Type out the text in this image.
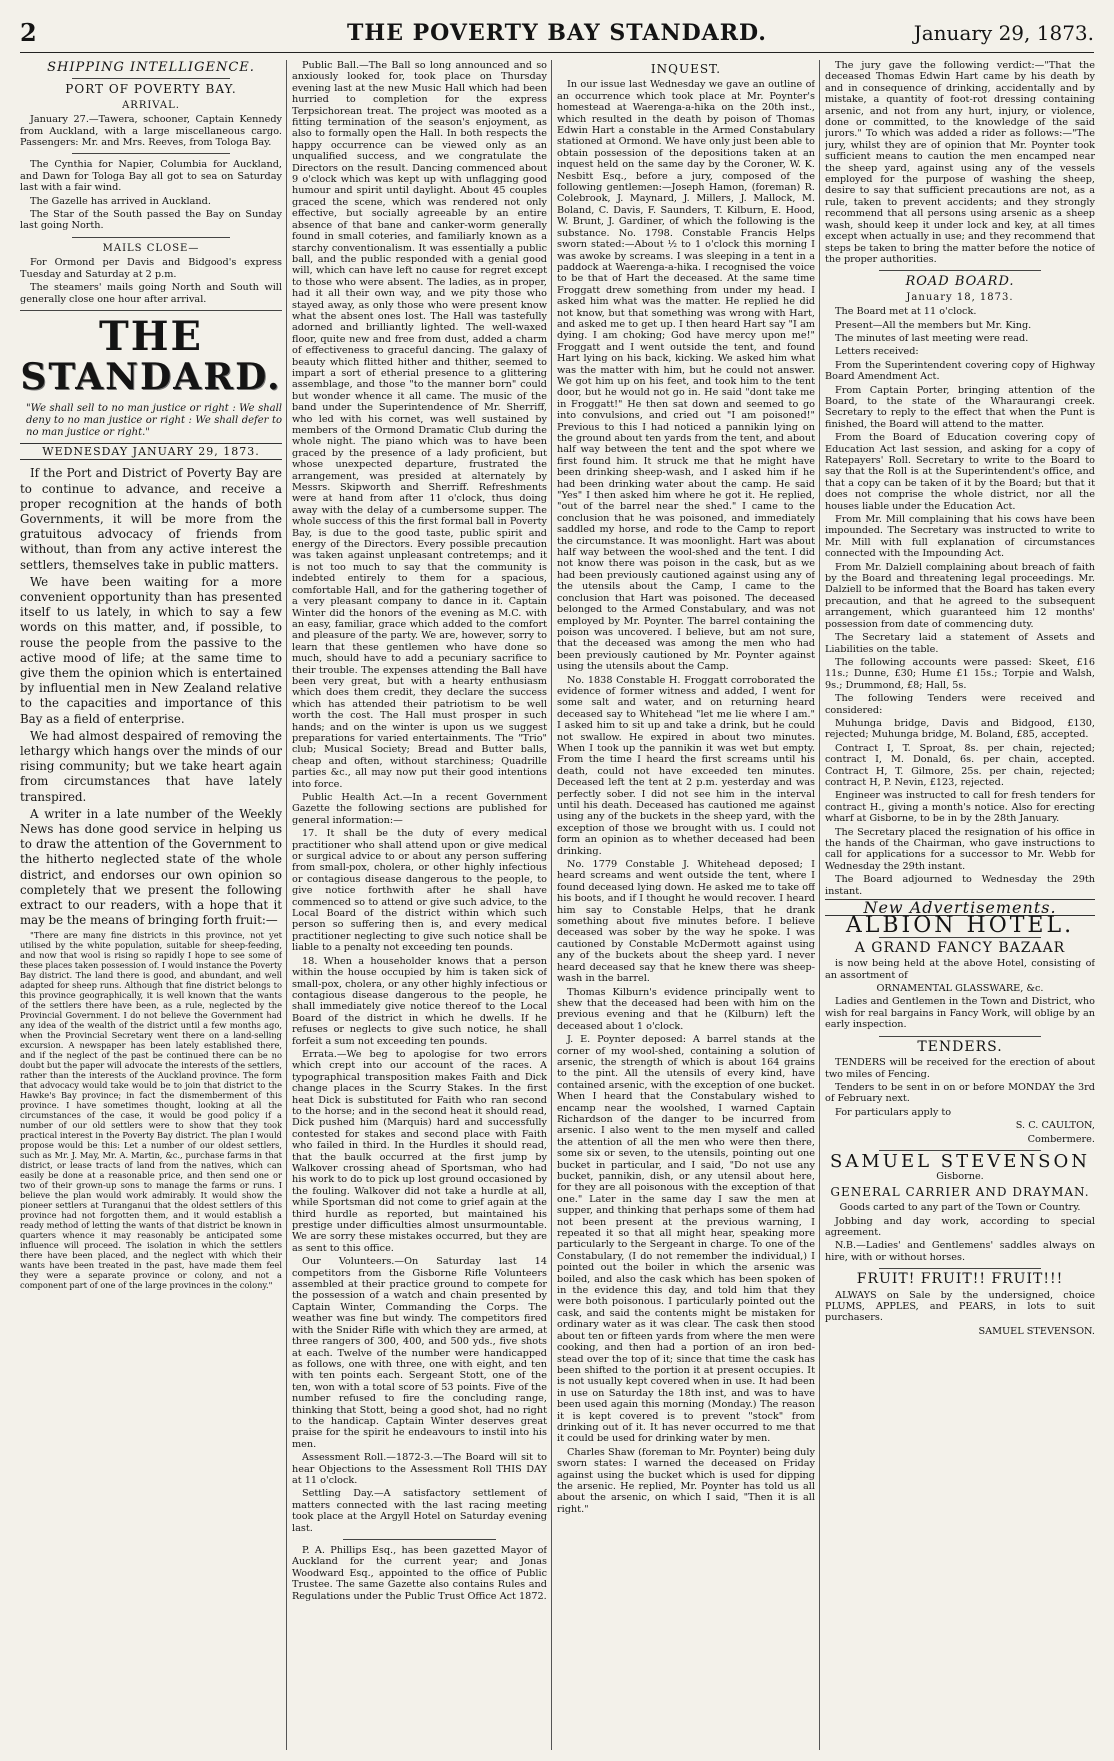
2	THE POVERTY BAY STANDARD.	January 29, 1873.
SHIPPING INTELLIGENCE.
PORT OF POVERTY BAY.
ARRIVAL.

January 27.—Tawera, schooner, Captain Kennedy from Auckland, with a large miscellaneous cargo. Passengers: Mr. and Mrs. Reeves, from Tologa Bay.

The Cynthia for Napier, Columbia for Auckland, and Dawn for Tologa Bay all got to sea on Saturday last with a fair wind.

The Gazelle has arrived in Auckland.

The Star of the South passed the Bay on Sunday last going North.

MAILS CLOSE—

For Ormond per Davis and Bidgood's express Tuesday and Saturday at 2 p.m.

The steamers' mails going North and South will generally close one hour after arrival.

THE
STANDARD.
"We shall sell to no man justice or right : We shall deny to no man justice or right : We shall defer to no man justice or right."
WEDNESDAY JANUARY 29, 1873.

If the Port and District of Poverty Bay are to continue to advance, and receive a proper recognition at the hands of both Governments, it will be more from the gratuitous advocacy of friends from without, than from any active interest the settlers, themselves take in public matters.

We have been waiting for a more convenient opportunity than has presented itself to us lately, in which to say a few words on this matter, and, if possible, to rouse the people from the passive to the active mood of life; at the same time to give them the opinion which is entertained by influential men in New Zealand relative to the capacities and importance of this Bay as a field of enterprise.

We had almost despaired of removing the lethargy which hangs over the minds of our rising community; but we take heart again from circumstances that have lately transpired.

A writer in a late number of the Weekly News has done good service in helping us to draw the attention of the Government to the hitherto neglected state of the whole district, and endorses our own opinion so completely that we present the following extract to our readers, with a hope that it may be the means of bringing forth fruit:—

"There are many fine districts in this province, not yet utilised by the white population, suitable for sheep-feeding, and now that wool is rising so rapidly I hope to see some of these places taken possession of. I would instance the Poverty Bay district. The land there is good, and abundant, and well adapted for sheep runs. Although that fine district belongs to this province geographically, it is well known that the wants of the settlers there have been, as a rule, neglected by the Provincial Government. I do not believe the Government had any idea of the wealth of the district until a few months ago, when the Provincial Secretary went there on a land-selling excursion. A newspaper has been lately established there, and if the neglect of the past be continued there can be no doubt but the paper will advocate the interests of the settlers, rather than the interests of the Auckland province. The form that advocacy would take would be to join that district to the Hawke's Bay province; in fact the dismemberment of this province. I have sometimes thought, looking at all the circumstances of the case, it would be good policy if a number of our old settlers were to show that they took practical interest in the Poverty Bay district. The plan I would propose would be this: Let a number of our oldest settlers, such as Mr. J. May, Mr. A. Martin, &c., purchase farms in that district, or lease tracts of land from the natives, which can easily be done at a reasonable price, and then send one or two of their grown-up sons to manage the farms or runs. I believe the plan would work admirably. It would show the pioneer settlers at Turanganui that the oldest settlers of this province had not forgotten them, and it would establish a ready method of letting the wants of that district be known in quarters whence it may reasonably be anticipated some influence will proceed. The isolation in which the settlers there have been placed, and the neglect with which their wants have been treated in the past, have made them feel they were a separate province or colony, and not a component part of one of the large provinces in the colony."

Public Ball.—The Ball so long announced and so anxiously looked for, took place on Thursday evening last at the new Music Hall which had been hurried to completion for the express Terpsichorean treat. The project was mooted as a fitting termination of the season's enjoyment, as also to formally open the Hall. In both respects the happy occurrence can be viewed only as an unqualified success, and we congratulate the Directors on the result. Dancing commenced about 9 o'clock which was kept up with unflagging good humour and spirit until daylight. About 45 couples graced the scene, which was rendered not only effective, but socially agreeable by an entire absence of that bane and canker-worm generally found in small coteries, and familiarly known as a starchy conventionalism. It was essentially a public ball, and the public responded with a genial good will, which can have left no cause for regret except to those who were absent. The ladies, as in proper, had it all their own way, and we pity those who stayed away, as only those who were present know what the absent ones lost. The Hall was tastefully adorned and brilliantly lighted. The well-waxed floor, quite new and free from dust, added a charm of effectiveness to graceful dancing. The galaxy of beauty which flitted hither and thither, seemed to impart a sort of etherial presence to a glittering assemblage, and those "to the manner born" could but wonder whence it all came. The music of the band under the Superintendence of Mr. Sherriff, who led with his cornet, was well sustained by members of the Ormond Dramatic Club during the whole night. The piano which was to have been graced by the presence of a lady proficient, but whose unexpected departure, frustrated the arrangement, was presided at alternately by Messrs. Skipworth and Sherriff. Refreshments were at hand from after 11 o'clock, thus doing away with the delay of a cumbersome supper. The whole success of this the first formal ball in Poverty Bay, is due to the good taste, public spirit and energy of the Directors. Every possible precaution was taken against unpleasant contretemps; and it is not too much to say that the community is indebted entirely to them for a spacious, comfortable Hall, and for the gathering together of a very pleasant company to dance in it. Captain Winter did the honors of the evening as M.C. with an easy, familiar, grace which added to the comfort and pleasure of the party. We are, however, sorry to learn that these gentlemen who have done so much, should have to add a pecuniary sacrifice to their trouble. The expenses attending the Ball have been very great, but with a hearty enthusiasm which does them credit, they declare the success which has attended their patriotism to be well worth the cost. The Hall must prosper in such hands; and on the winter is upon us we suggest preparations for varied entertainments. The "Trio" club; Musical Society; Bread and Butter balls, cheap and often, without starchiness; Quadrille parties &c., all may now put their good intentions into force.

Public Health Act.—In a recent Government Gazette the following sections are published for general information:—

17. It shall be the duty of every medical practitioner who shall attend upon or give medical or surgical advice to or about any person suffering from small-pox, cholera, or other highly infectious or contagious disease dangerous to the people, to give notice forthwith after he shall have commenced so to attend or give such advice, to the Local Board of the district within which such person so suffering then is, and every medical practitioner neglecting to give such notice shall be liable to a penalty not exceeding ten pounds.

18. When a householder knows that a person within the house occupied by him is taken sick of small-pox, cholera, or any other highly infectious or contagious disease dangerous to the people, he shall immediately give notice thereof to the Local Board of the district in which he dwells. If he refuses or neglects to give such notice, he shall forfeit a sum not exceeding ten pounds.

Errata.—We beg to apologise for two errors which crept into our account of the races. A typographical transposition makes Faith and Dick change places in the Scurry Stakes. In the first heat Dick is substituted for Faith who ran second to the horse; and in the second heat it should read, Dick pushed him (Marquis) hard and successfully contested for stakes and second place with Faith who failed in third. In the Hurdles it should read, that the baulk occurred at the first jump by Walkover crossing ahead of Sportsman, who had his work to do to pick up lost ground occasioned by the fouling. Walkover did not take a hurdle at all, while Sportsman did not come to grief again at the third hurdle as reported, but maintained his prestige under difficulties almost unsurmountable. We are sorry these mistakes occurred, but they are as sent to this office.

Our Volunteers.—On Saturday last 14 competitors from the Gisborne Rifle Volunteers assembled at their practice ground to compete for the possession of a watch and chain presented by Captain Winter, Commanding the Corps. The weather was fine but windy. The competitors fired with the Snider Rifle with which they are armed, at three rangers of 300, 400, and 500 yds., five shots at each. Twelve of the number were handicapped as follows, one with three, one with eight, and ten with ten points each. Sergeant Stott, one of the ten, won with a total score of 53 points. Five of the number refused to fire the concluding range, thinking that Stott, being a good shot, had no right to the handicap. Captain Winter deserves great praise for the spirit he endeavours to instil into his men.

Assessment Roll.—1872-3.—The Board will sit to hear Objections to the Assessment Roll THIS DAY at 11 o'clock.

Settling Day.—A satisfactory settlement of matters connected with the last racing meeting took place at the Argyll Hotel on Saturday evening last.

P. A. Phillips Esq., has been gazetted Mayor of Auckland for the current year; and Jonas Woodward Esq., appointed to the office of Public Trustee. The same Gazette also contains Rules and Regulations under the Public Trust Office Act 1872.

INQUEST.

In our issue last Wednesday we gave an outline of an occurrence which took place at Mr. Poynter's homestead at Waerenga-a-hika on the 20th inst., which resulted in the death by poison of Thomas Edwin Hart a constable in the Armed Constabulary stationed at Ormond. We have only just been able to obtain possession of the depositions taken at an inquest held on the same day by the Coroner, W. K. Nesbitt Esq., before a jury, composed of the following gentlemen:—Joseph Hamon, (foreman) R. Colebrook, J. Maynard, J. Millers, J. Mallock, M. Boland, C. Davis, F. Saunders, T. Kilburn, E. Hood, W. Brunt, J. Gardiner, of which the following is the substance. No. 1798. Constable Francis Helps sworn stated:—About ½ to 1 o'clock this morning I was awoke by screams. I was sleeping in a tent in a paddock at Waerenga-a-hika. I recognised the voice to be that of Hart the deceased. At the same time Froggatt drew something from under my head. I asked him what was the matter. He replied he did not know, but that something was wrong with Hart, and asked me to get up. I then heard Hart say "I am dying. I am choking; God have mercy upon me!" Froggatt and I went outside the tent, and found Hart lying on his back, kicking. We asked him what was the matter with him, but he could not answer. We got him up on his feet, and took him to the tent door, but he would not go in. He said "dont take me in Froggatt!" He then sat down and seemed to go into convulsions, and cried out "I am poisoned!" Previous to this I had noticed a pannikin lying on the ground about ten yards from the tent, and about half way between the tent and the spot where we first found him. It struck me that he might have been drinking sheep-wash, and I asked him if he had been drinking water about the camp. He said "Yes" I then asked him where he got it. He replied, "out of the barrel near the shed." I came to the conclusion that he was poisoned, and immediately saddled my horse, and rode to the Camp to report the circumstance. It was moonlight. Hart was about half way between the wool-shed and the tent. I did not know there was poison in the cask, but as we had been previously cautioned against using any of the utensils about the Camp, I came to the conclusion that Hart was poisoned. The deceased belonged to the Armed Constabulary, and was not employed by Mr. Poynter. The barrel containing the poison was uncovered. I believe, but am not sure, that the deceased was among the men who had been previously cautioned by Mr. Poynter against using the utensils about the Camp.

No. 1838 Constable H. Froggatt corroborated the evidence of former witness and added, I went for some salt and water, and on returning heard deceased say to Whitehead "let me lie where I am." I asked him to sit up and take a drink, but he could not swallow. He expired in about two minutes. When I took up the pannikin it was wet but empty. From the time I heard the first screams until his death, could not have exceeded ten minutes. Deceased left the tent at 2 p.m. yesterday and was perfectly sober. I did not see him in the interval until his death. Deceased has cautioned me against using any of the buckets in the sheep yard, with the exception of those we brought with us. I could not form an opinion as to whether deceased had been drinking.

No. 1779 Constable J. Whitehead deposed; I heard screams and went outside the tent, where I found deceased lying down. He asked me to take off his boots, and if I thought he would recover. I heard him say to Constable Helps, that he drank something about five minutes before. I believe deceased was sober by the way he spoke. I was cautioned by Constable McDermott against using any of the buckets about the sheep yard. I never heard deceased say that he knew there was sheep-wash in the barrel.

Thomas Kilburn's evidence principally went to shew that the deceased had been with him on the previous evening and that he (Kilburn) left the deceased about 1 o'clock.

J. E. Poynter deposed: A barrel stands at the corner of my wool-shed, containing a solution of arsenic, the strength of which is about 164 grains to the pint. All the utensils of every kind, have contained arsenic, with the exception of one bucket. When I heard that the Constabulary wished to encamp near the woolshed, I warned Captain Richardson of the danger to be incurred from arsenic. I also went to the men myself and called the attention of all the men who were then there, some six or seven, to the utensils, pointing out one bucket in particular, and I said, "Do not use any bucket, pannikin, dish, or any utensil about here, for they are all poisonous with the exception of that one." Later in the same day I saw the men at supper, and thinking that perhaps some of them had not been present at the previous warning, I repeated it so that all might hear, speaking more particularly to the Sergeant in charge. To one of the Constabulary, (I do not remember the individual,) I pointed out the boiler in which the arsenic was boiled, and also the cask which has been spoken of in the evidence this day, and told him that they were both poisonous. I particularly pointed out the cask, and said the contents might be mistaken for ordinary water as it was clear. The cask then stood about ten or fifteen yards from where the men were cooking, and then had a portion of an iron bed-stead over the top of it; since that time the cask has been shifted to the portion it at present occupies. It is not usually kept covered when in use. It had been in use on Saturday the 18th inst, and was to have been used again this morning (Monday.) The reason it is kept covered is to prevent "stock" from drinking out of it. It has never occurred to me that it could be used for drinking water by men.

Charles Shaw (foreman to Mr. Poynter) being duly sworn states: I warned the deceased on Friday against using the bucket which is used for dipping the arsenic. He replied, Mr. Poynter has told us all about the arsenic, on which I said, "Then it is all right."

The jury gave the following verdict:—"That the deceased Thomas Edwin Hart came by his death by and in consequence of drinking, accidentally and by mistake, a quantity of foot-rot dressing containing arsenic, and not from any hurt, injury, or violence, done or committed, to the knowledge of the said jurors." To which was added a rider as follows:—"The jury, whilst they are of opinion that Mr. Poynter took sufficient means to caution the men encamped near the sheep yard, against using any of the vessels employed for the purpose of washing the sheep, desire to say that sufficient precautions are not, as a rule, taken to prevent accidents; and they strongly recommend that all persons using arsenic as a sheep wash, should keep it under lock and key, at all times except when actually in use; and they recommend that steps be taken to bring the matter before the notice of the proper authorities.

ROAD BOARD.
January 18, 1873.

The Board met at 11 o'clock.

Present—All the members but Mr. King.

The minutes of last meeting were read.

Letters received:

From the Superintendent covering copy of Highway Board Amendment Act.

From Captain Porter, bringing attention of the Board, to the state of the Wharaurangi creek. Secretary to reply to the effect that when the Punt is finished, the Board will attend to the matter.

From the Board of Education covering copy of Education Act last session, and asking for a copy of Ratepayers' Roll. Secretary to write to the Board to say that the Roll is at the Superintendent's office, and that a copy can be taken of it by the Board; but that it does not comprise the whole district, nor all the houses liable under the Education Act.

From Mr. Mill complaining that his cows have been impounded. The Secretary was instructed to write to Mr. Mill with full explanation of circumstances connected with the Impounding Act.

From Mr. Dalziell complaining about breach of faith by the Board and threatening legal proceedings. Mr. Dalziell to be informed that the Board has taken every precaution, and that he agreed to the subsequent arrangement, which guaranteed him 12 months' possession from date of commencing duty.

The Secretary laid a statement of Assets and Liabilities on the table.

The following accounts were passed: Skeet, £16 11s.; Dunne, £30; Hume £1 15s.; Torpie and Walsh, 9s.; Drummond, £8; Hall, 5s.

The following Tenders were received and considered:

Muhunga bridge, Davis and Bidgood, £130, rejected; Muhunga bridge, M. Boland, £85, accepted.

Contract I, T. Sproat, 8s. per chain, rejected; contract I, M. Donald, 6s. per chain, accepted. Contract H, T. Gilmore, 25s. per chain, rejected; contract H, P. Nevin, £123, rejected.

Engineer was instructed to call for fresh tenders for contract H., giving a month's notice. Also for erecting wharf at Gisborne, to be in by the 28th January.

The Secretary placed the resignation of his office in the hands of the Chairman, who gave instructions to call for applications for a successor to Mr. Webb for Wednesday the 29th instant.

The Board adjourned to Wednesday the 29th instant.

New Advertisements.
ALBION HOTEL.
A GRAND FANCY BAZAAR

is now being held at the above Hotel, consisting of an assortment of

ORNAMENTAL GLASSWARE, &c.

Ladies and Gentlemen in the Town and District, who wish for real bargains in Fancy Work, will oblige by an early inspection.

TENDERS.

TENDERS will be received for the erection of about two miles of Fencing.

Tenders to be sent in on or before MONDAY the 3rd of February next.

For particulars apply to

S. C. CAULTON,

Combermere.

SAMUEL STEVENSON

Gisborne.

GENERAL CARRIER AND DRAYMAN.

Goods carted to any part of the Town or Country.

Jobbing and day work, according to special agreement.

N.B.—Ladies' and Gentlemens' saddles always on hire, with or without horses.

FRUIT! FRUIT!! FRUIT!!!

ALWAYS on Sale by the undersigned, choice PLUMS, APPLES, and PEARS, in lots to suit purchasers.

SAMUEL STEVENSON.
